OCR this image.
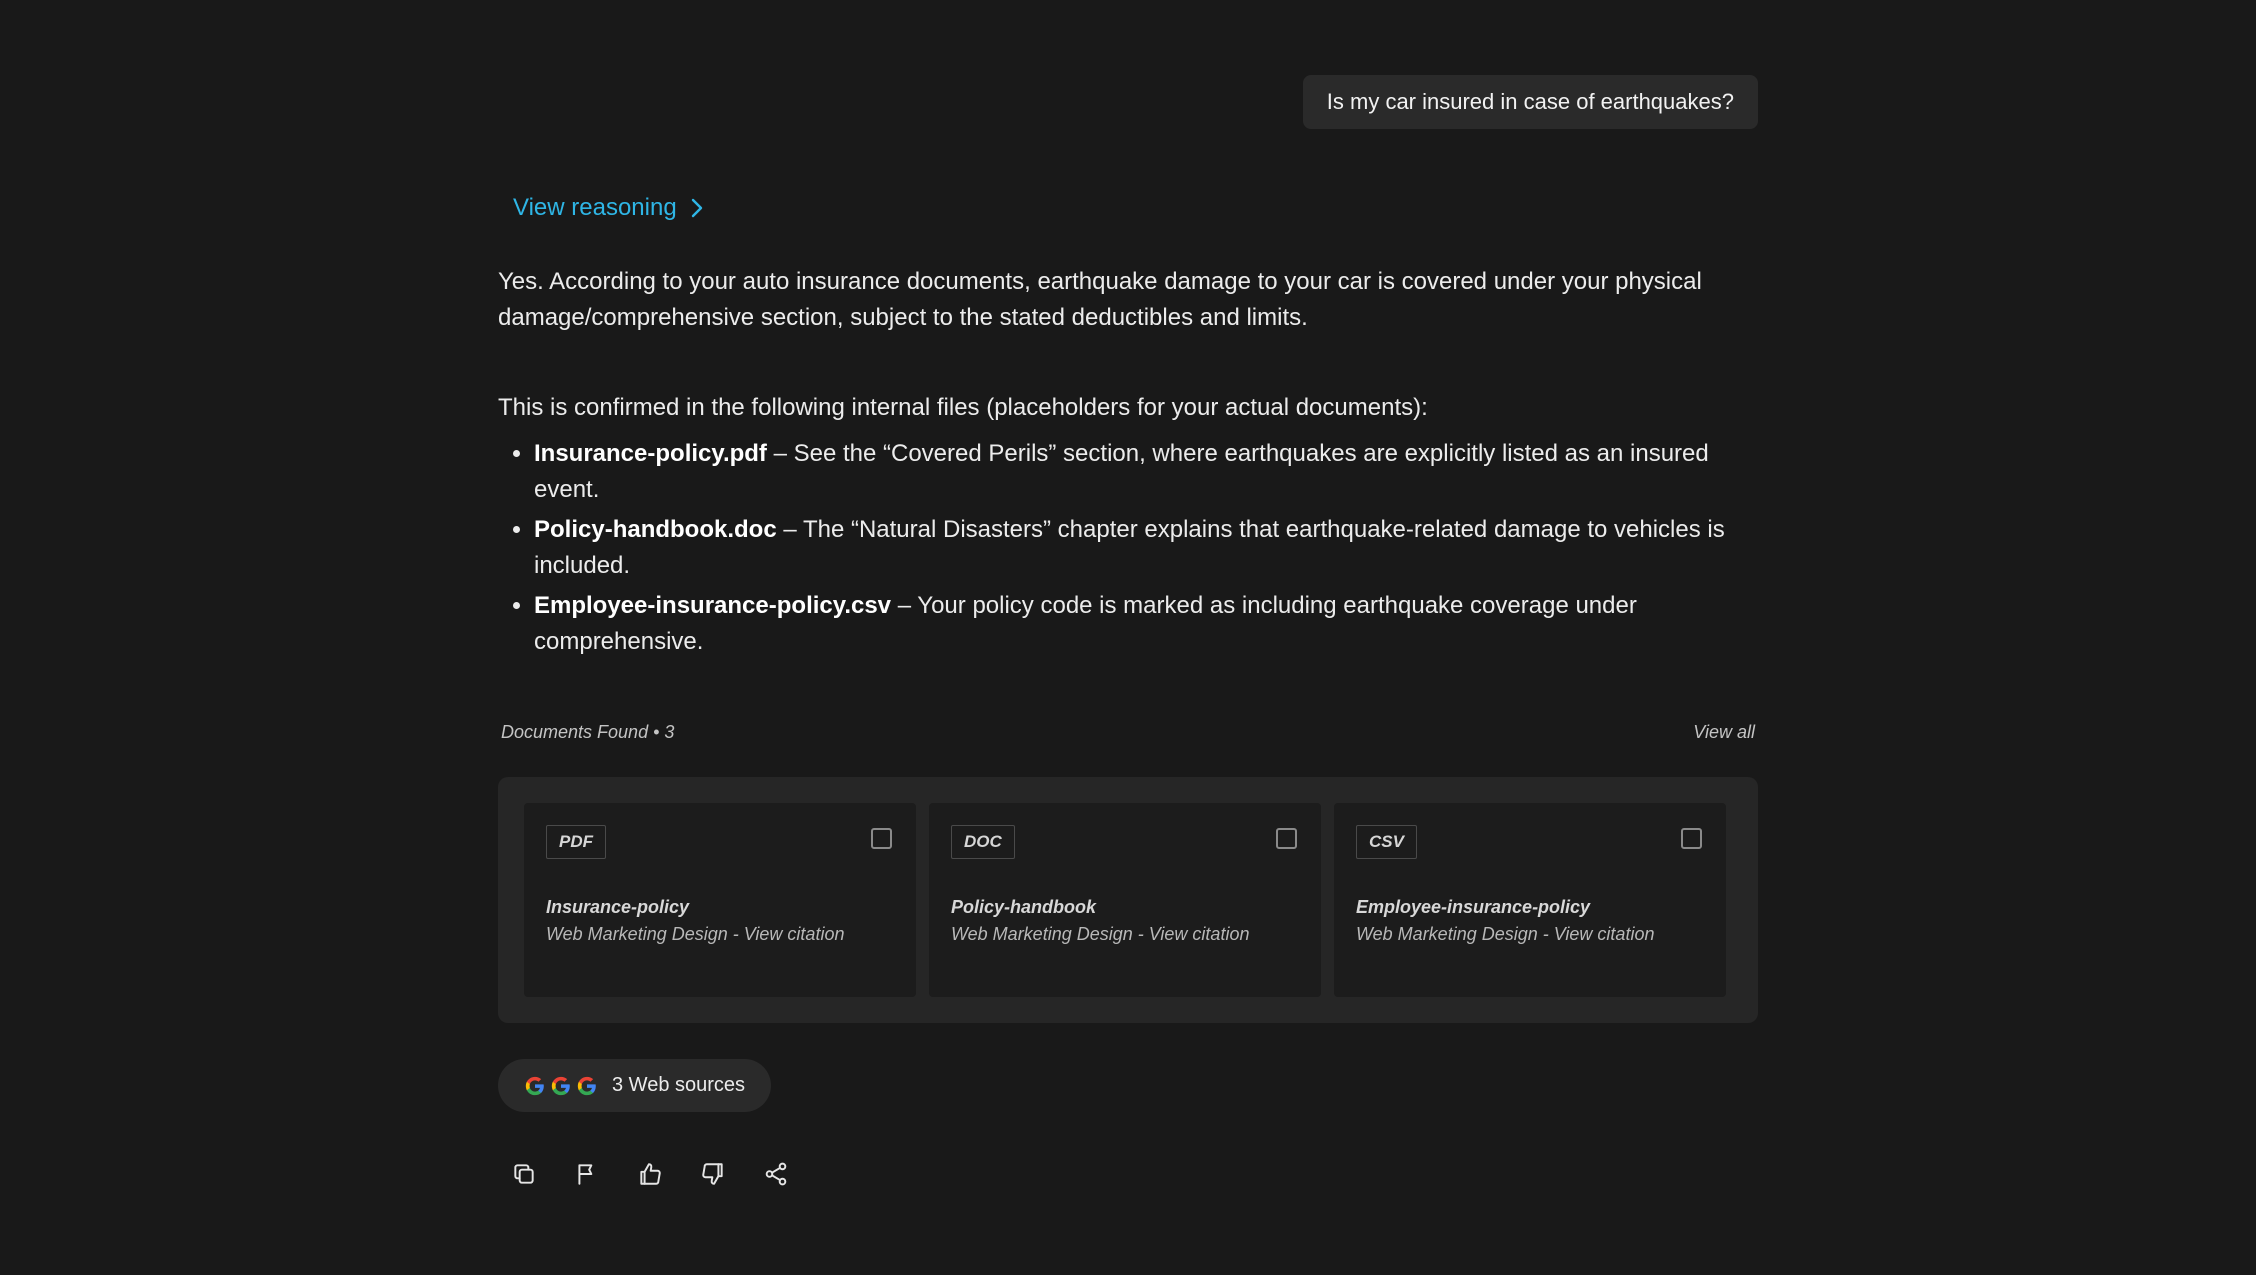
Is my car insured in case of earthquakes?
View reasoning

Yes. According to your auto insurance documents, earthquake damage to your car is covered under your physical damage/comprehensive section, subject to the stated deductibles and limits.

This is confirmed in the following internal files (placeholders for your actual documents):

• Insurance-policy.pdf – See the “Covered Perils” section, where earthquakes are explicitly listed as an insured event.
• Policy-handbook.doc – The “Natural Disasters” chapter explains that earthquake-related damage to vehicles is included.
• Employee-insurance-policy.csv – Your policy code is marked as including earthquake coverage under comprehensive.
Documents Found • 3	View all
PDF
Insurance-policy
Web Marketing Design - View citation
DOC
Policy-handbook
Web Marketing Design - View citation
CSV
Employee-insurance-policy
Web Marketing Design - View citation
3 Web sources
